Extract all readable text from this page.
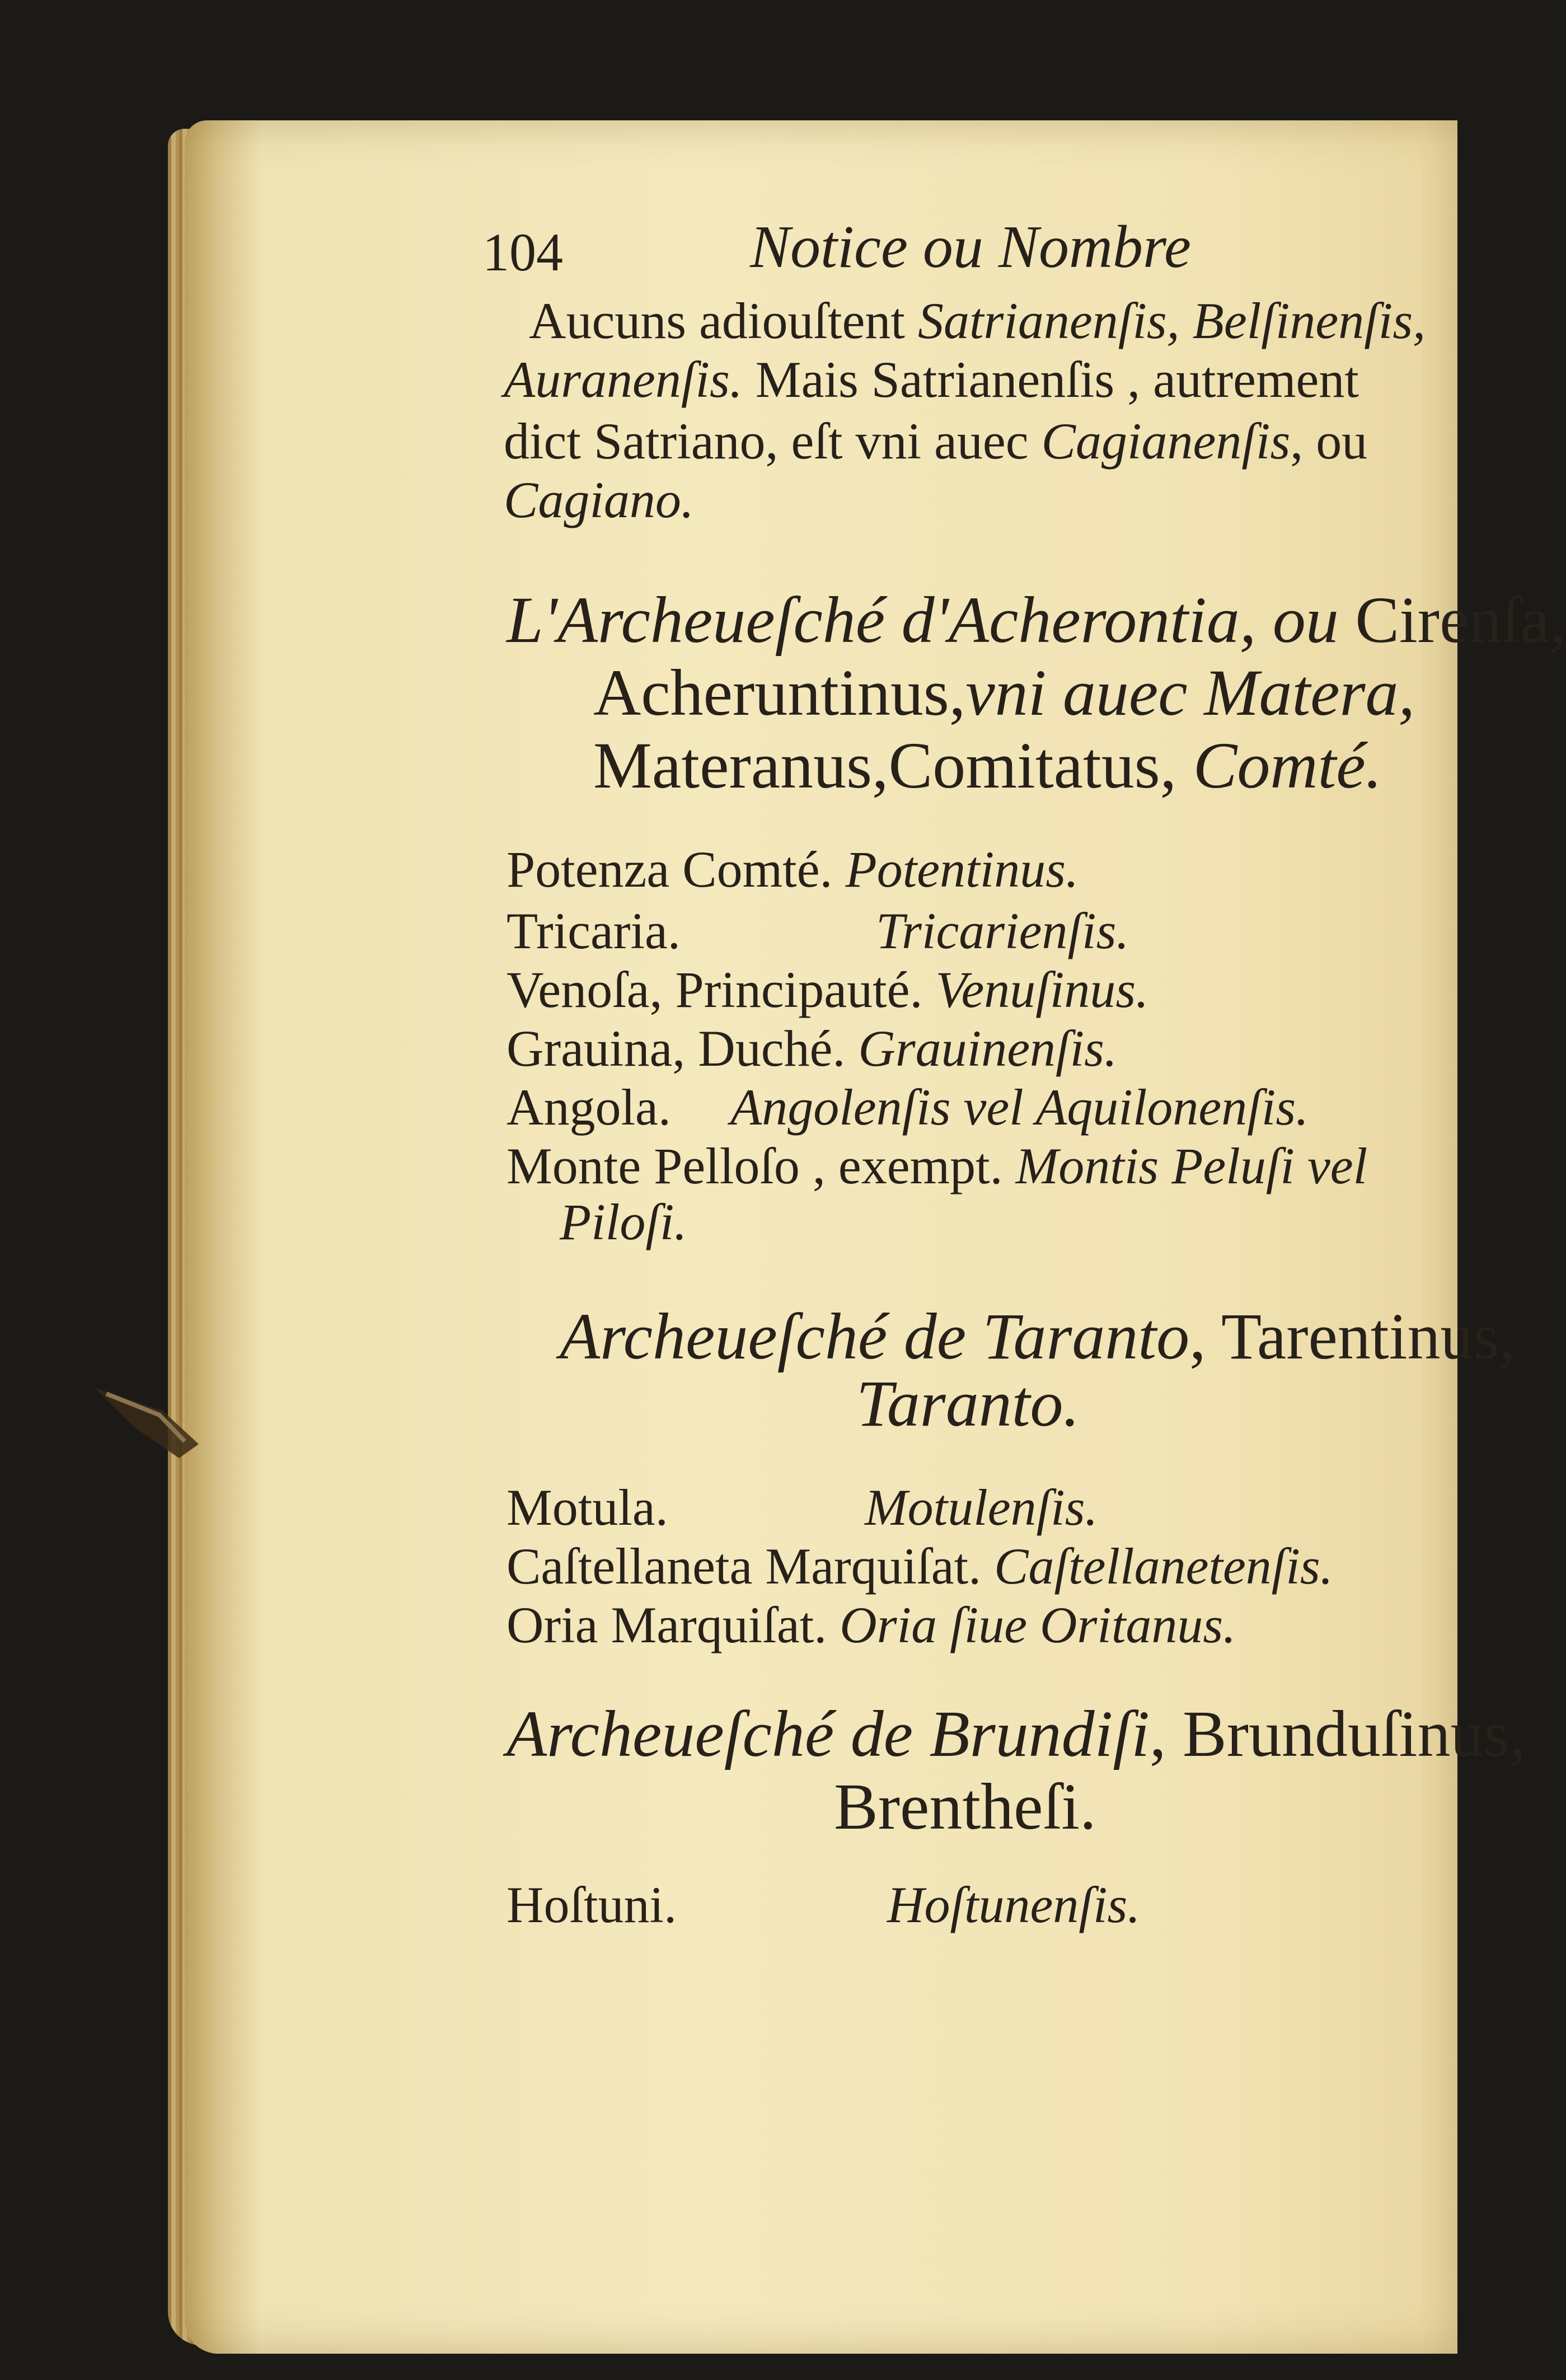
104	Notice ou Nombre
Aucuns adiouſtent Satrianenſis, Belſinenſis,
Auranenſis. Mais Satrianenſis , autrement
dict Satriano, eſt vni auec Cagianenſis, ou
Cagiano.
L'Archeueſché d'Acherontia, ou Cirenſa,
Acheruntinus,vni auec Matera,
Materanus,Comitatus, Comté.
Potenza Comté. Potentinus.
Tricaria.	Tricarienſis.
Venoſa, Principauté. Venuſinus.
Grauina, Duché. Grauinenſis.
Angola. Angolenſis vel Aquilonenſis.
Monte Pelloſo , exempt. Montis Peluſi vel
Piloſi.
Archeueſché de Taranto, Tarentinus,
Taranto.
Motula.	Motulenſis.
Caſtellaneta Marquiſat. Caſtellanetenſis.
Oria Marquiſat. Oria ſiue Oritanus.
Archeueſché de Brundiſi, Brunduſinus,
Brentheſi.
Hoſtuni.	Hoſtunenſis.
